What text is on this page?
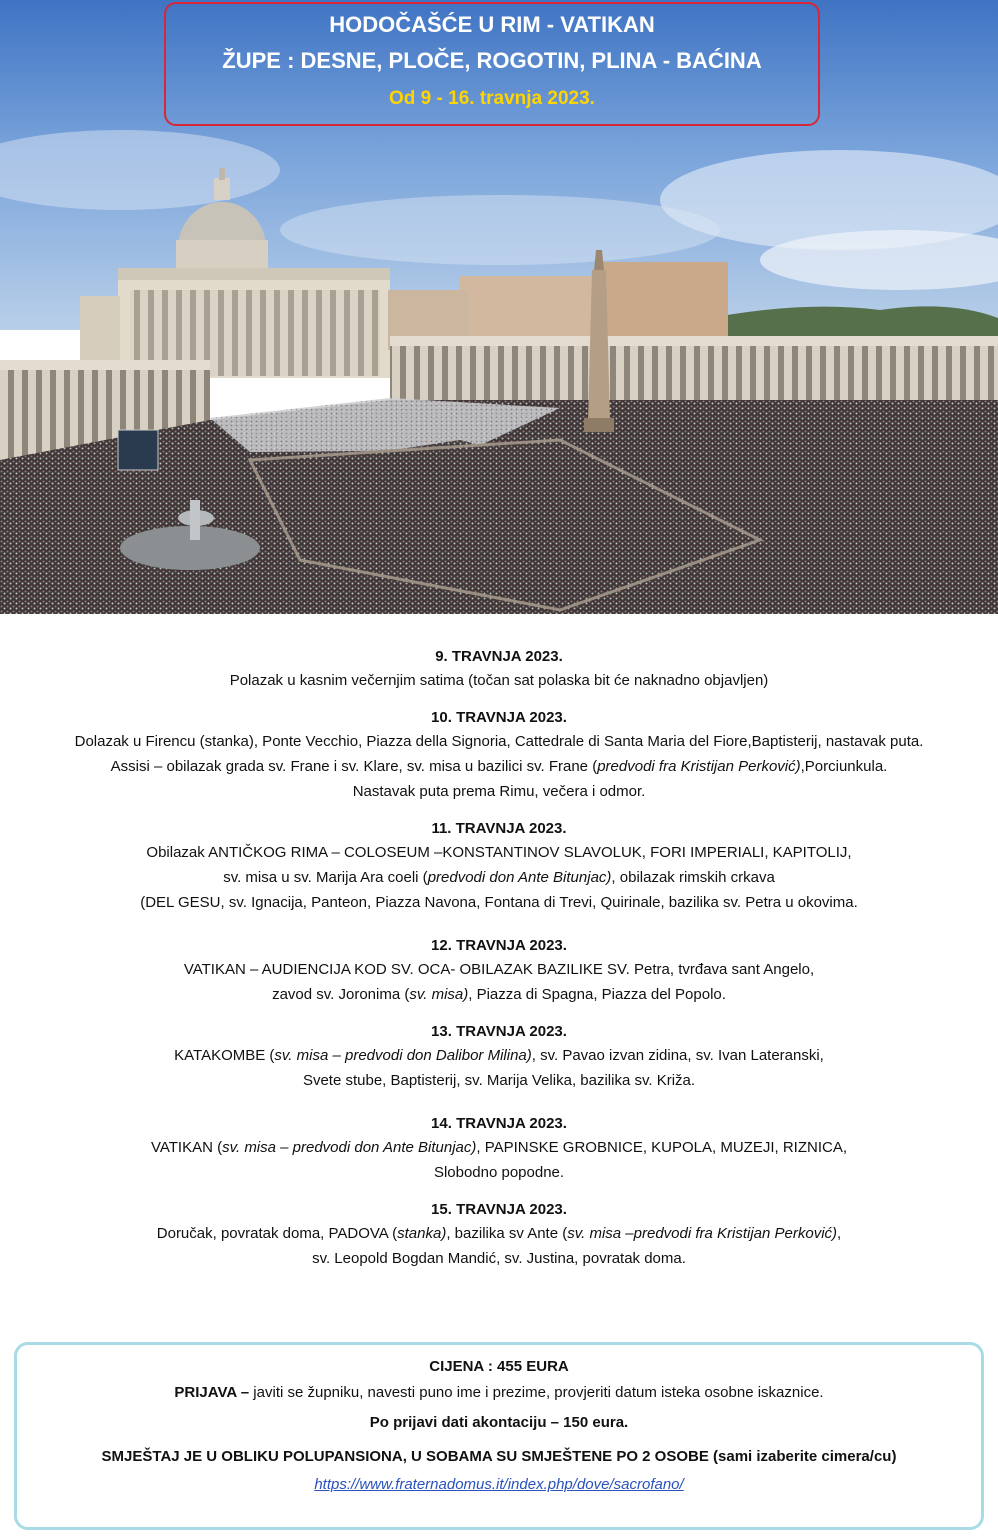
HODOČAŠĆE U RIM - VATIKAN
ŽUPE : DESNE, PLOČE, ROGOTIN, PLINA - BAĆINA
Od 9 - 16. travnja 2023.
9. TRAVNJA 2023.
Polazak u kasnim večernjim satima (točan sat polaska bit će naknadno objavljen)
10. TRAVNJA 2023.
Dolazak u Firencu (stanka), Ponte Vecchio, Piazza della Signoria, Cattedrale di Santa Maria del Fiore,Baptisterij, nastavak puta.
Assisi – obilazak grada sv. Frane i sv. Klare, sv. misa u bazilici sv. Frane (predvodi fra Kristijan Perković),Porciunkula.
Nastavak puta prema Rimu, večera i odmor.
11. TRAVNJA 2023.
Obilazak ANTIČKOG RIMA – COLOSEUM –KONSTANTINOV SLAVOLUK, FORI IMPERIALI, KAPITOLIJ,
sv. misa u sv. Marija Ara coeli (predvodi don Ante Bitunjac), obilazak rimskih crkava
(DEL GESU, sv. Ignacija, Panteon, Piazza Navona, Fontana di Trevi, Quirinale, bazilika sv. Petra u okovima.
12. TRAVNJA 2023.
VATIKAN – AUDIENCIJA KOD SV. OCA- OBILAZAK BAZILIKE SV. Petra, tvrđava sant Angelo,
zavod sv. Joronima (sv. misa), Piazza di Spagna, Piazza del Popolo.
13. TRAVNJA 2023.
KATAKOMBE (sv. misa – predvodi don Dalibor Milina), sv. Pavao izvan zidina, sv. Ivan Lateranski,
Svete stube, Baptisterij, sv. Marija Velika, bazilika sv. Križa.
14. TRAVNJA 2023.
VATIKAN (sv. misa – predvodi don Ante Bitunjac), PAPINSKE GROBNICE, KUPOLA, MUZEJI, RIZNICA,
Slobodno popodne.
15. TRAVNJA 2023.
Doručak, povratak doma, PADOVA (stanka), bazilika sv Ante (sv. misa –predvodi fra Kristijan Perković),
sv. Leopold Bogdan Mandić, sv. Justina, povratak doma.
CIJENA : 455 EURA
PRIJAVA – javiti se župniku, navesti puno ime i prezime, provjeriti datum isteka osobne iskaznice.
Po prijavi dati akontaciju – 150 eura.
SMJEŠTAJ JE U OBLIKU POLUPANSIONA, U SOBAMA SU SMJEŠTENE PO 2 OSOBE (sami izaberite cimera/cu)
https://www.fraternadomus.it/index.php/dove/sacrofano/
